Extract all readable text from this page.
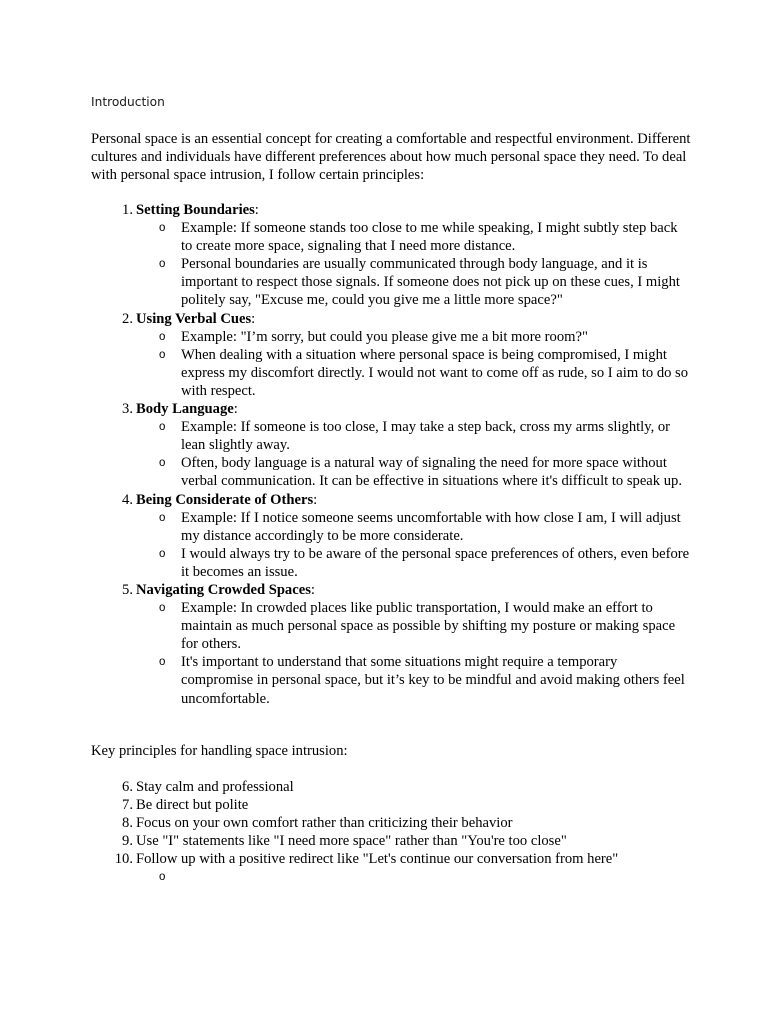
Introduction

Personal space is an essential concept for creating a comfortable and respectful environment. Different cultures and individuals have different preferences about how much personal space they need. To deal with personal space intrusion, I follow certain principles:

1. Setting Boundaries:
o Example: If someone stands too close to me while speaking, I might subtly step back to create more space, signaling that I need more distance.
o Personal boundaries are usually communicated through body language, and it is important to respect those signals. If someone does not pick up on these cues, I might politely say, "Excuse me, could you give me a little more space?"
2. Using Verbal Cues:
o Example: "I’m sorry, but could you please give me a bit more room?"
o When dealing with a situation where personal space is being compromised, I might express my discomfort directly. I would not want to come off as rude, so I aim to do so with respect.
3. Body Language:
o Example: If someone is too close, I may take a step back, cross my arms slightly, or lean slightly away.
o Often, body language is a natural way of signaling the need for more space without verbal communication. It can be effective in situations where it's difficult to speak up.
4. Being Considerate of Others:
o Example: If I notice someone seems uncomfortable with how close I am, I will adjust my distance accordingly to be more considerate.
o I would always try to be aware of the personal space preferences of others, even before it becomes an issue.
5. Navigating Crowded Spaces:
o Example: In crowded places like public transportation, I would make an effort to maintain as much personal space as possible by shifting my posture or making space for others.
o It's important to understand that some situations might require a temporary compromise in personal space, but it’s key to be mindful and avoid making others feel uncomfortable.

Key principles for handling space intrusion:

6. Stay calm and professional
7. Be direct but polite
8. Focus on your own comfort rather than criticizing their behavior
9. Use "I" statements like "I need more space" rather than "You're too close"
10. Follow up with a positive redirect like "Let's continue our conversation from here"
o
